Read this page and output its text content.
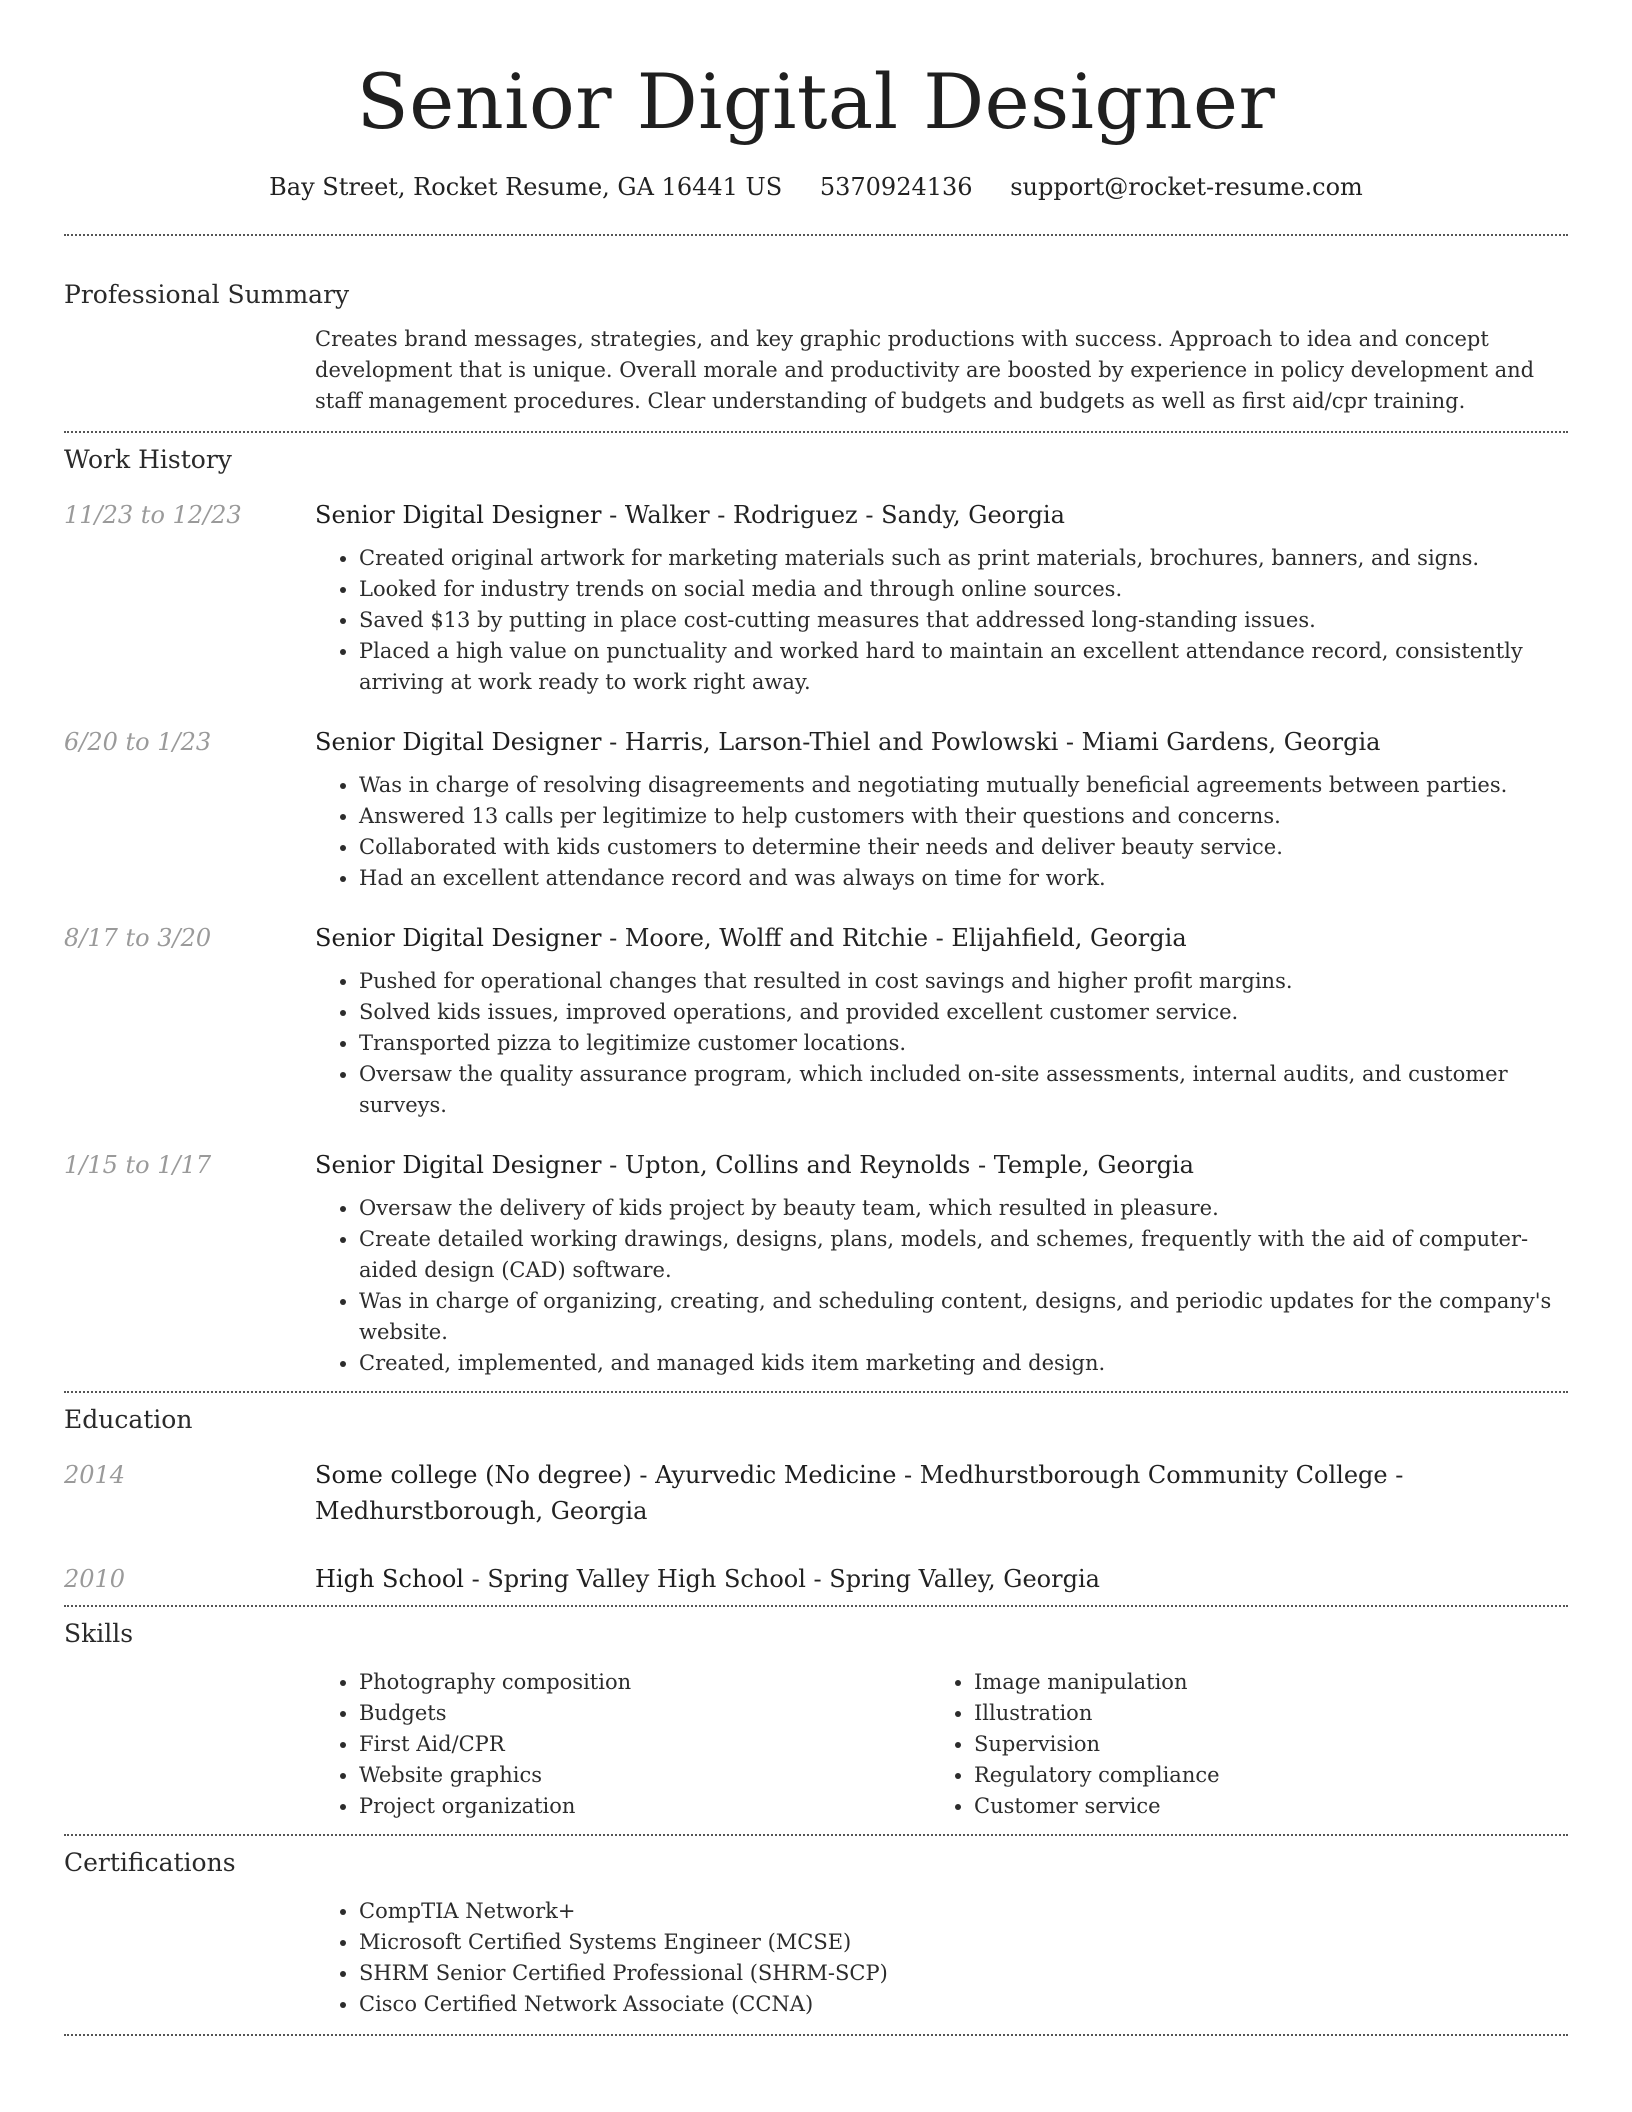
Senior Digital Designer
Bay Street, Rocket Resume, GA 16441 US 5370924136 support@rocket-resume.com
Professional Summary
Creates brand messages, strategies, and key graphic productions with success. Approach to idea and concept development that is unique. Overall morale and productivity are boosted by experience in policy development and staff management procedures. Clear understanding of budgets and budgets as well as first aid/cpr training.
Work History
11/23 to 12/23	Senior Digital Designer - Walker - Rodriguez - Sandy, Georgia
• Created original artwork for marketing materials such as print materials, brochures, banners, and signs.
• Looked for industry trends on social media and through online sources.
• Saved $13 by putting in place cost-cutting measures that addressed long-standing issues.
• Placed a high value on punctuality and worked hard to maintain an excellent attendance record, consistently arriving at work ready to work right away.
6/20 to 1/23	Senior Digital Designer - Harris, Larson-Thiel and Powlowski - Miami Gardens, Georgia
• Was in charge of resolving disagreements and negotiating mutually beneficial agreements between parties.
• Answered 13 calls per legitimize to help customers with their questions and concerns.
• Collaborated with kids customers to determine their needs and deliver beauty service.
• Had an excellent attendance record and was always on time for work.
8/17 to 3/20	Senior Digital Designer - Moore, Wolff and Ritchie - Elijahfield, Georgia
• Pushed for operational changes that resulted in cost savings and higher profit margins.
• Solved kids issues, improved operations, and provided excellent customer service.
• Transported pizza to legitimize customer locations.
• Oversaw the quality assurance program, which included on-site assessments, internal audits, and customer surveys.
1/15 to 1/17	Senior Digital Designer - Upton, Collins and Reynolds - Temple, Georgia
• Oversaw the delivery of kids project by beauty team, which resulted in pleasure.
• Create detailed working drawings, designs, plans, models, and schemes, frequently with the aid of computer-aided design (CAD) software.
• Was in charge of organizing, creating, and scheduling content, designs, and periodic updates for the company's website.
• Created, implemented, and managed kids item marketing and design.
Education
2014	Some college (No degree) - Ayurvedic Medicine - Medhurstborough Community College - Medhurstborough, Georgia
2010	High School - Spring Valley High School - Spring Valley, Georgia
Skills
• Photography composition
• Budgets
• First Aid/CPR
• Website graphics
• Project organization
• Image manipulation
• Illustration
• Supervision
• Regulatory compliance
• Customer service
Certifications
• CompTIA Network+
• Microsoft Certified Systems Engineer (MCSE)
• SHRM Senior Certified Professional (SHRM-SCP)
• Cisco Certified Network Associate (CCNA)
